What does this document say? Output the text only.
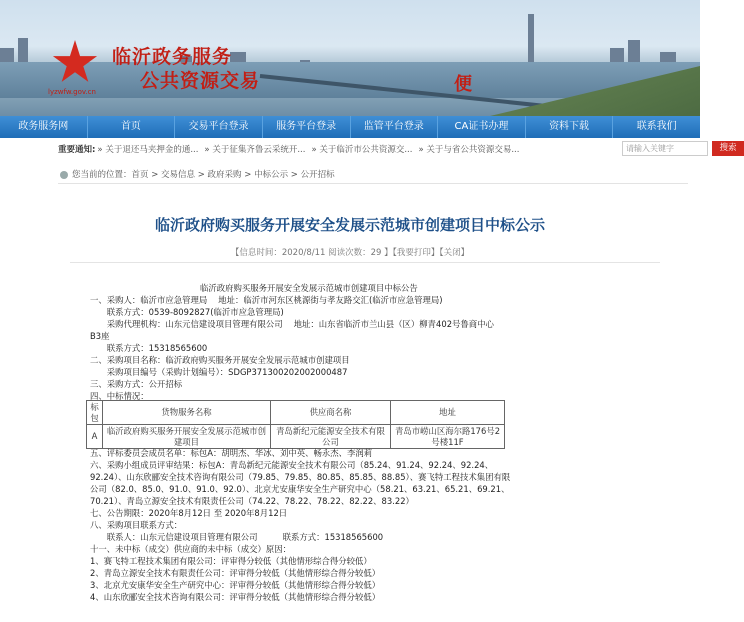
lyzwfw.gov.cn
临沂政务服务
公共资源交易	便
政务服务网	首页	交易平台登录	服务平台登录	监管平台登录	CA证书办理	资料下载	联系我们
重要通知: » 关于退还马夹押金的通... » 关于征集齐鲁云采统开... » 关于临沂市公共资源交... » 关于与省公共资源交易...	请输入关键字	搜索
您当前的位置：首页 > 交易信息 > 政府采购 > 中标公示 > 公开招标
临沂政府购买服务开展安全发展示范城市创建项目中标公示
【信息时间：2020/8/11 阅读次数：29 】【我要打印】【关闭】
临沂政府购买服务开展安全发展示范城市创建项目中标公告
一、采购人：临沂市应急管理局　 地址：临沂市河东区桃源街与孝友路交汇(临沂市应急管理局)
　　联系方式：0539-8092827(临沂市应急管理局)
　　采购代理机构：山东元信建设项目管理有限公司　 地址：山东省临沂市兰山县（区）柳青402号鲁商中心
B3座
　　联系方式：15318565600
二、采购项目名称：临沂政府购买服务开展安全发展示范城市创建项目
　　采购项目编号（采购计划编号）：SDGP371300202002000487
三、采购方式：公开招标
四、中标情况：
标包	货物服务名称	供应商名称	地址
A	临沂政府购买服务开展安全发展示范城市创建项目	青岛新纪元能源安全技术有限公司	青岛市崂山区海尔路176号2号楼11F
五、评标委员会成员名单：标包A：胡明杰、华冰、刘中英、畅永杰、李润莉
六、采购小组成员评审结果：标包A：青岛新纪元能源安全技术有限公司（85.24、91.24、92.24、92.24、
92.24）、山东欣郦安全技术咨询有限公司（79.85、79.85、80.85、85.85、88.85）、赛飞特工程技术集团有限
公司（82.0、85.0、91.0、91.0、92.0）、北京尤安康华安全生产研究中心（58.21、63.21、65.21、69.21、
70.21）、青岛立源安全技术有限责任公司（74.22、78.22、78.22、82.22、83.22）
七、公告期限：2020年8月12日 至 2020年8月12日
八、采购项目联系方式：
　　联系人：山东元信建设项目管理有限公司　　　联系方式：15318565600
十一、未中标（成交）供应商的未中标（成交）原因：
1、赛飞特工程技术集团有限公司：评审得分较低（其他情形综合得分较低）
2、青岛立源安全技术有限责任公司：评审得分较低（其他情形综合得分较低）
3、北京尤安康华安全生产研究中心：评审得分较低（其他情形综合得分较低）
4、山东欣郦安全技术咨询有限公司：评审得分较低（其他情形综合得分较低）
